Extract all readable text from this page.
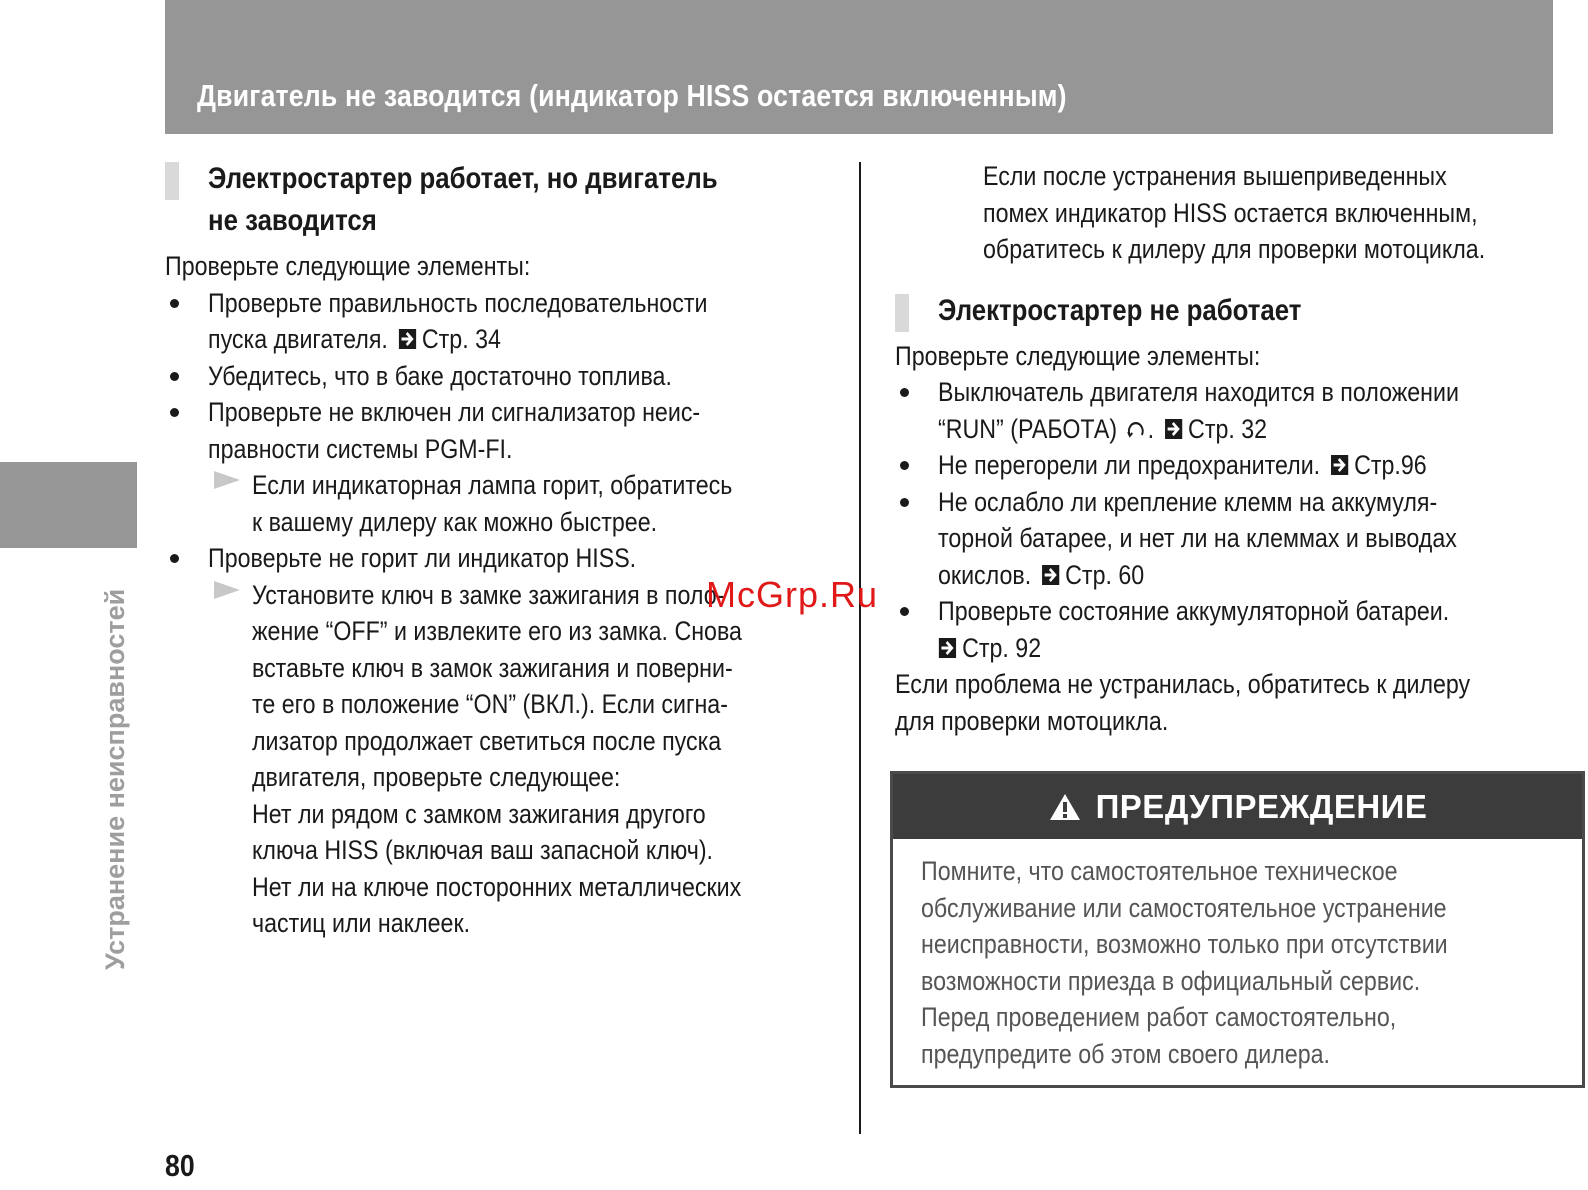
Двигатель не заводится (индикатор HISS остается включенным)
Устранение неисправностей
Электростартер работает, но двигатель
не заводится
Проверьте следующие элементы:
Проверьте правильность последовательности
пуска двигателя. Стр. 34
Убедитесь, что в баке достаточно топлива.
Проверьте не включен ли сигнализатор неис-
правности системы PGM-FI.
Если индикаторная лампа горит, обратитесь
к вашему дилеру как можно быстрее.
Проверьте не горит ли индикатор HISS.
Установите ключ в замке зажигания в поло-
жение “OFF” и извлеките его из замка. Снова
вставьте ключ в замок зажигания и поверни-
те его в положение “ON” (ВКЛ.). Если сигна-
лизатор продолжает светиться после пуска
двигателя, проверьте следующее:
Нет ли рядом с замком зажигания другого
ключа HISS (включая ваш запасной ключ).
Нет ли на ключе посторонних металлических
частиц или наклеек.
Если после устранения вышеприведенных
помех индикатор HISS остается включенным,
обратитесь к дилеру для проверки мотоцикла.
Электростартер не работает
Проверьте следующие элементы:
Выключатель двигателя находится в положении
“RUN” (РАБОТА) . Стр. 32
Не перегорели ли предохранители. Стр.96
Не ослабло ли крепление клемм на аккумуля-
торной батарее, и нет ли на клеммах и выводах
окислов. Стр. 60
Проверьте состояние аккумуляторной батареи.
Стр. 92
Если проблема не устранилась, обратитесь к дилеру
для проверки мотоцикла.
ПРЕДУПРЕЖДЕНИЕ
Помните, что самостоятельное техническое
обслуживание или самостоятельное устранение
неисправности, возможно только при отсутствии
возможности приезда в официальный сервис.
Перед проведением работ самостоятельно,
предупредите об этом своего дилера.
McGrp.Ru
80
